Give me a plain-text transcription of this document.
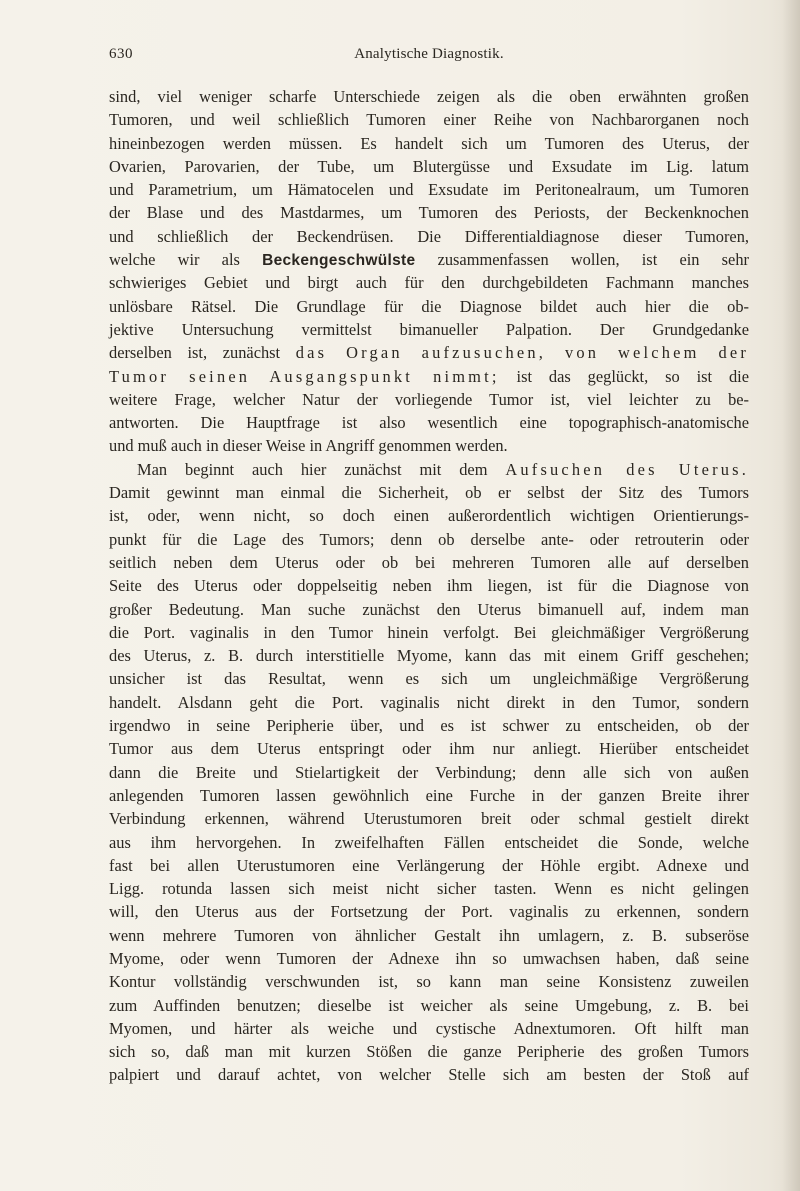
630	Analytische Diagnostik.
sind, viel weniger scharfe Unterschiede zeigen als die oben erwähnten großen
Tumoren, und weil schließlich Tumoren einer Reihe von Nachbarorganen noch
hineinbezogen werden müssen. Es handelt sich um Tumoren des Uterus, der
Ovarien, Parovarien, der Tube, um Blutergüsse und Exsudate im Lig. latum
und Parametrium, um Hämatocelen und Exsudate im Peritonealraum, um Tumoren
der Blase und des Mastdarmes, um Tumoren des Periosts, der Beckenknochen
und schließlich der Beckendrüsen. Die Differentialdiagnose dieser Tumoren,
welche wir als Beckengeschwülste zusammenfassen wollen, ist ein sehr
schwieriges Gebiet und birgt auch für den durchgebildeten Fachmann manches
unlösbare Rätsel. Die Grundlage für die Diagnose bildet auch hier die ob-
jektive Untersuchung vermittelst bimanueller Palpation. Der Grundgedanke
derselben ist, zunächst das Organ aufzusuchen, von welchem der
Tumor seinen Ausgangspunkt nimmt; ist das geglückt, so ist die
weitere Frage, welcher Natur der vorliegende Tumor ist, viel leichter zu be-
antworten. Die Hauptfrage ist also wesentlich eine topographisch-anatomische
und muß auch in dieser Weise in Angriff genommen werden.
Man beginnt auch hier zunächst mit dem Aufsuchen des Uterus.
Damit gewinnt man einmal die Sicherheit, ob er selbst der Sitz des Tumors
ist, oder, wenn nicht, so doch einen außerordentlich wichtigen Orientierungs-
punkt für die Lage des Tumors; denn ob derselbe ante- oder retrouterin oder
seitlich neben dem Uterus oder ob bei mehreren Tumoren alle auf derselben
Seite des Uterus oder doppelseitig neben ihm liegen, ist für die Diagnose von
großer Bedeutung. Man suche zunächst den Uterus bimanuell auf, indem man
die Port. vaginalis in den Tumor hinein verfolgt. Bei gleichmäßiger Vergrößerung
des Uterus, z. B. durch interstitielle Myome, kann das mit einem Griff geschehen;
unsicher ist das Resultat, wenn es sich um ungleichmäßige Vergrößerung
handelt. Alsdann geht die Port. vaginalis nicht direkt in den Tumor, sondern
irgendwo in seine Peripherie über, und es ist schwer zu entscheiden, ob der
Tumor aus dem Uterus entspringt oder ihm nur anliegt. Hierüber entscheidet
dann die Breite und Stielartigkeit der Verbindung; denn alle sich von außen
anlegenden Tumoren lassen gewöhnlich eine Furche in der ganzen Breite ihrer
Verbindung erkennen, während Uterustumoren breit oder schmal gestielt direkt
aus ihm hervorgehen. In zweifelhaften Fällen entscheidet die Sonde, welche
fast bei allen Uterustumoren eine Verlängerung der Höhle ergibt. Adnexe und
Ligg. rotunda lassen sich meist nicht sicher tasten. Wenn es nicht gelingen
will, den Uterus aus der Fortsetzung der Port. vaginalis zu erkennen, sondern
wenn mehrere Tumoren von ähnlicher Gestalt ihn umlagern, z. B. subseröse
Myome, oder wenn Tumoren der Adnexe ihn so umwachsen haben, daß seine
Kontur vollständig verschwunden ist, so kann man seine Konsistenz zuweilen
zum Auffinden benutzen; dieselbe ist weicher als seine Umgebung, z. B. bei
Myomen, und härter als weiche und cystische Adnextumoren. Oft hilft man
sich so, daß man mit kurzen Stößen die ganze Peripherie des großen Tumors
palpiert und darauf achtet, von welcher Stelle sich am besten der Stoß auf
